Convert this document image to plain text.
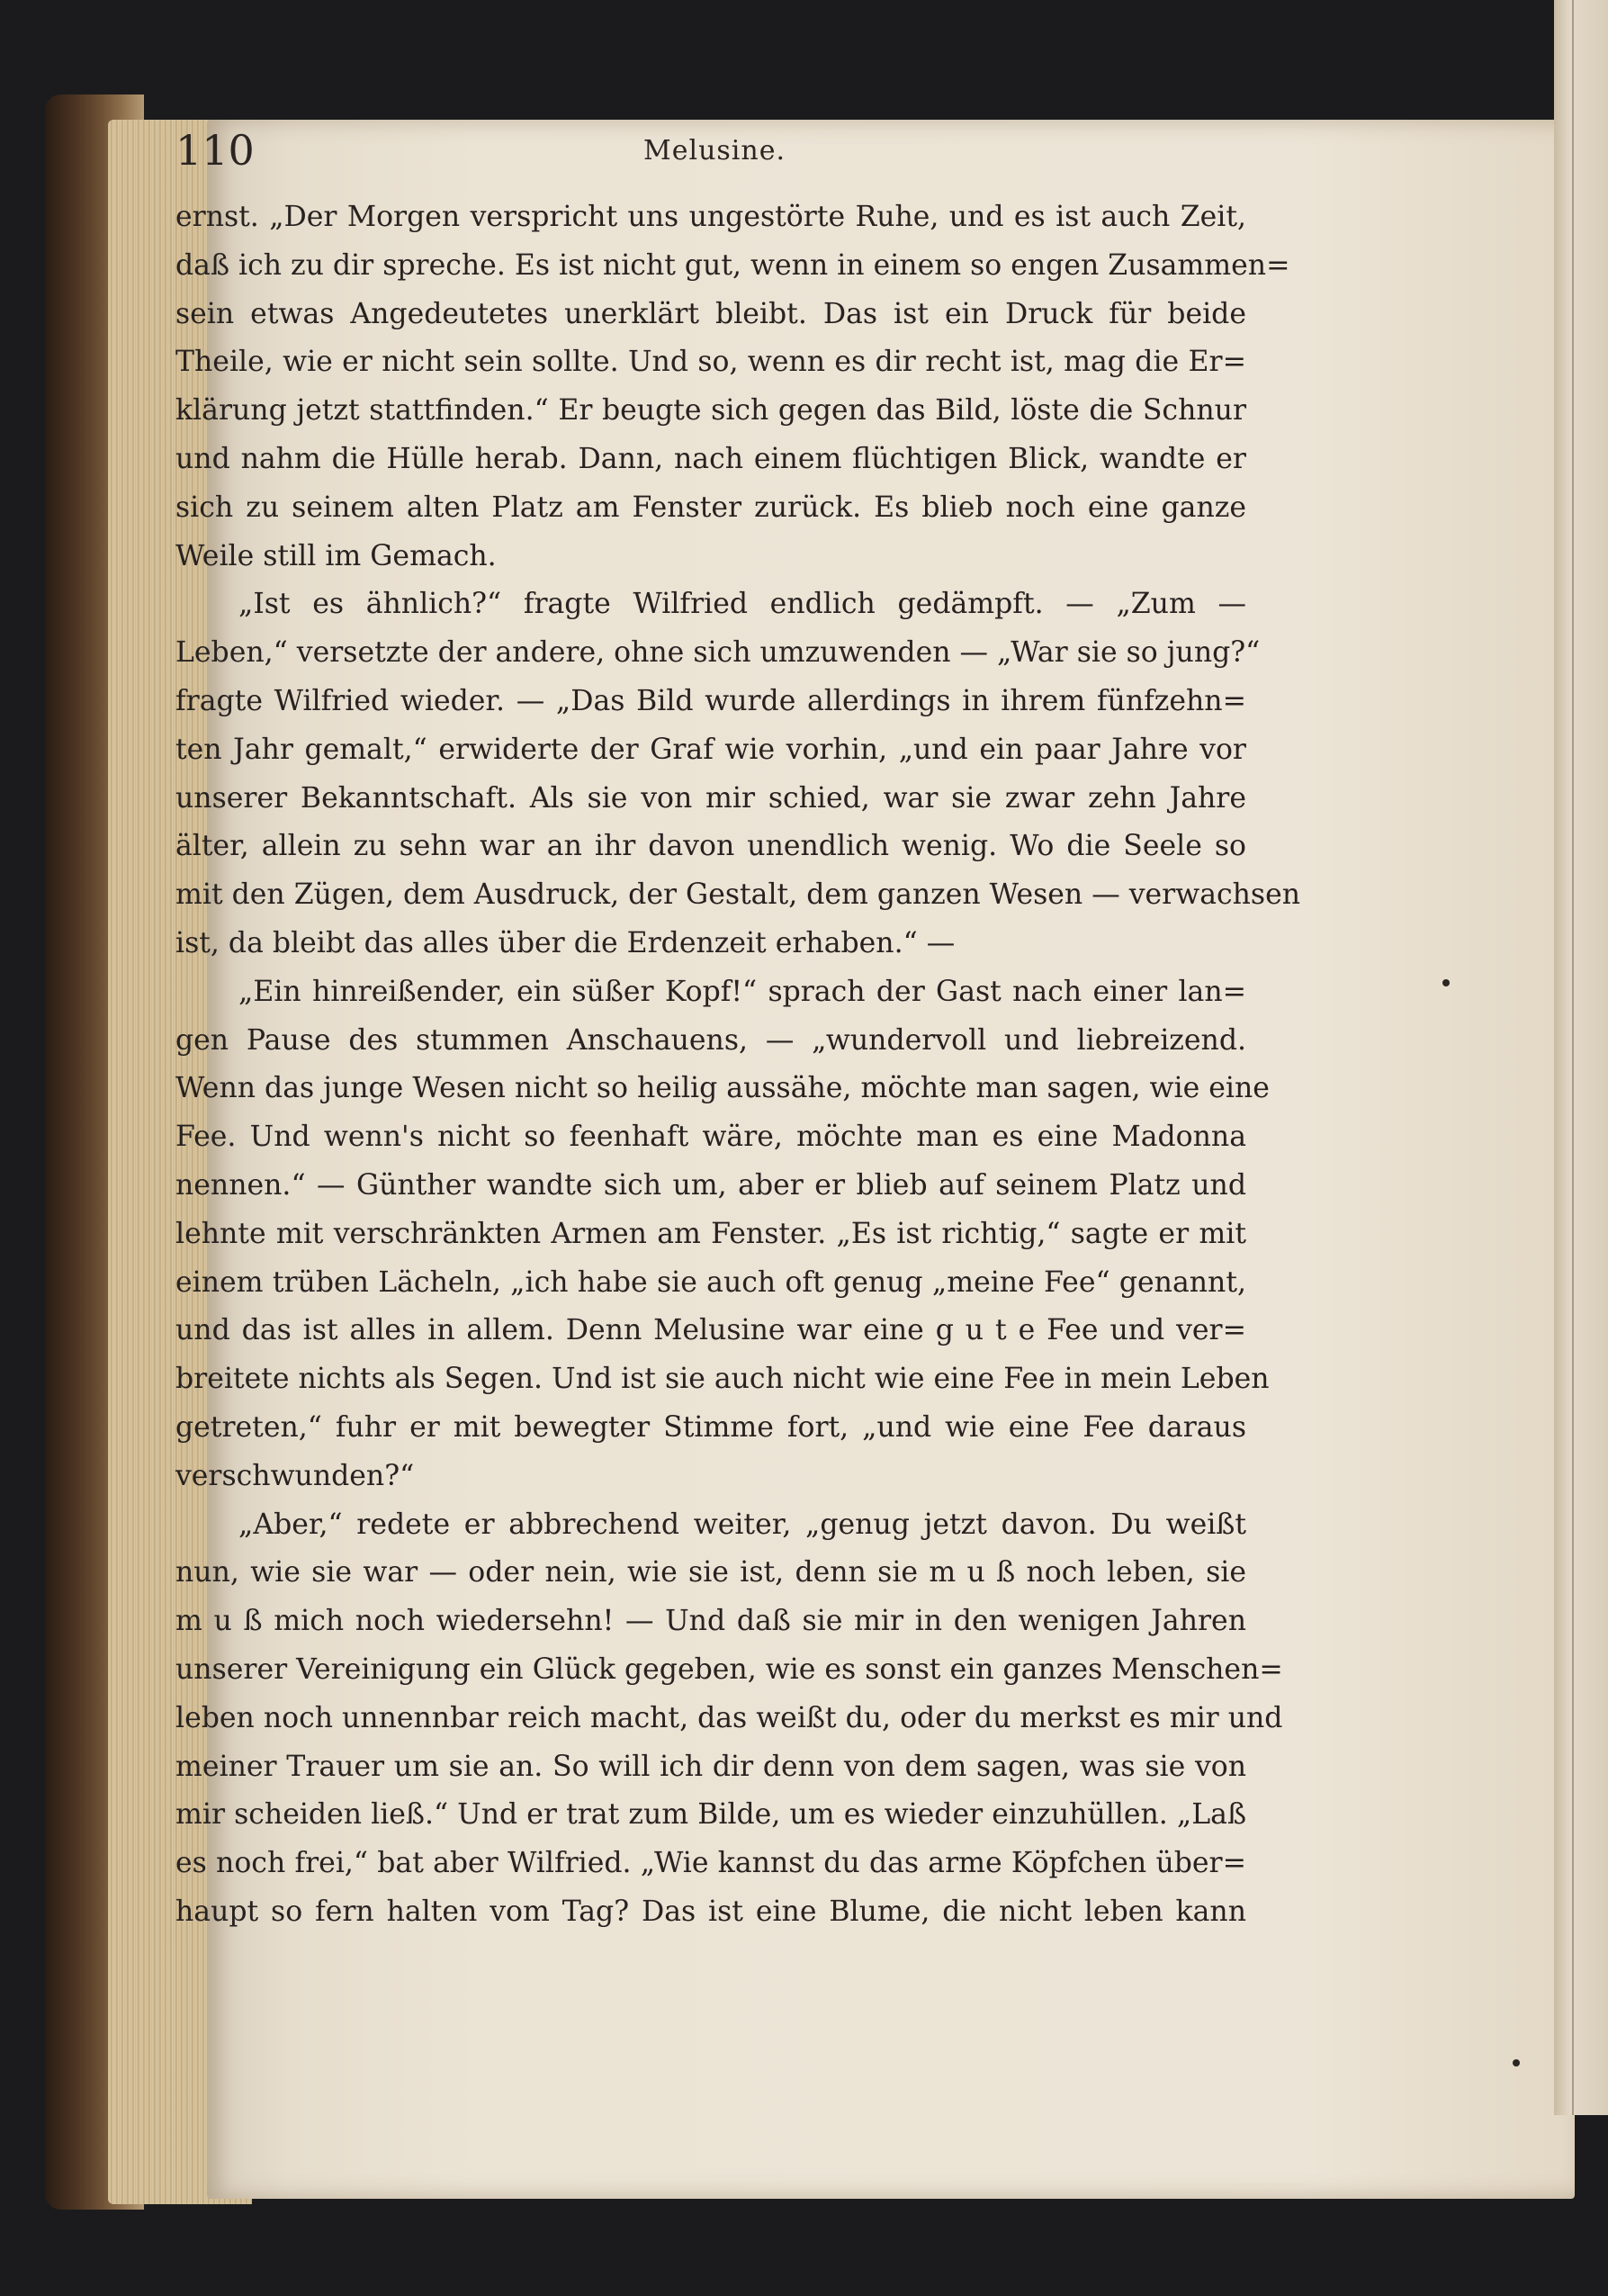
110	Melusine.
ernst. „Der Morgen verspricht uns ungestörte Ruhe, und es ist auch Zeit,
daß ich zu dir spreche. Es ist nicht gut, wenn in einem so engen Zusammen=
sein etwas Angedeutetes unerklärt bleibt. Das ist ein Druck für beide
Theile, wie er nicht sein sollte. Und so, wenn es dir recht ist, mag die Er=
klärung jetzt stattfinden.“ Er beugte sich gegen das Bild, löste die Schnur
und nahm die Hülle herab. Dann, nach einem flüchtigen Blick, wandte er
sich zu seinem alten Platz am Fenster zurück. Es blieb noch eine ganze
Weile still im Gemach.
„Ist es ähnlich?“ fragte Wilfried endlich gedämpft. — „Zum —
Leben,“ versetzte der andere, ohne sich umzuwenden — „War sie so jung?“
fragte Wilfried wieder. — „Das Bild wurde allerdings in ihrem fünfzehn=
ten Jahr gemalt,“ erwiderte der Graf wie vorhin, „und ein paar Jahre vor
unserer Bekanntschaft. Als sie von mir schied, war sie zwar zehn Jahre
älter, allein zu sehn war an ihr davon unendlich wenig. Wo die Seele so
mit den Zügen, dem Ausdruck, der Gestalt, dem ganzen Wesen — verwachsen
ist, da bleibt das alles über die Erdenzeit erhaben.“ —
„Ein hinreißender, ein süßer Kopf!“ sprach der Gast nach einer lan=
gen Pause des stummen Anschauens, — „wundervoll und liebreizend.
Wenn das junge Wesen nicht so heilig aussähe, möchte man sagen, wie eine
Fee. Und wenn's nicht so feenhaft wäre, möchte man es eine Madonna
nennen.“ — Günther wandte sich um, aber er blieb auf seinem Platz und
lehnte mit verschränkten Armen am Fenster. „Es ist richtig,“ sagte er mit
einem trüben Lächeln, „ich habe sie auch oft genug „meine Fee“ genannt,
und das ist alles in allem. Denn Melusine war eine g u t e Fee und ver=
breitete nichts als Segen. Und ist sie auch nicht wie eine Fee in mein Leben
getreten,“ fuhr er mit bewegter Stimme fort, „und wie eine Fee daraus
verschwunden?“
„Aber,“ redete er abbrechend weiter, „genug jetzt davon. Du weißt
nun, wie sie war — oder nein, wie sie ist, denn sie m u ß noch leben, sie
m u ß mich noch wiedersehn! — Und daß sie mir in den wenigen Jahren
unserer Vereinigung ein Glück gegeben, wie es sonst ein ganzes Menschen=
leben noch unnennbar reich macht, das weißt du, oder du merkst es mir und
meiner Trauer um sie an. So will ich dir denn von dem sagen, was sie von
mir scheiden ließ.“ Und er trat zum Bilde, um es wieder einzuhüllen. „Laß
es noch frei,“ bat aber Wilfried. „Wie kannst du das arme Köpfchen über=
haupt so fern halten vom Tag? Das ist eine Blume, die nicht leben kann
